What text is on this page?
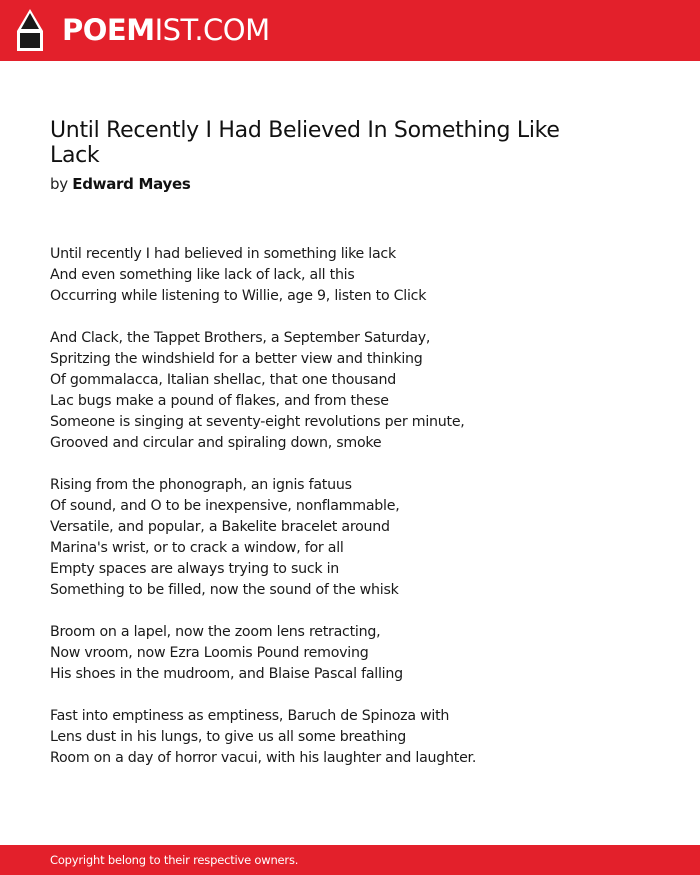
POEMIST.COM
Until Recently I Had Believed In Something Like Lack
by Edward Mayes
Until recently I had believed in something like lack
And even something like lack of lack, all this
Occurring while listening to Willie, age 9, listen to Click
And Clack, the Tappet Brothers, a September Saturday,
Spritzing the windshield for a better view and thinking
Of gommalacca, Italian shellac, that one thousand
Lac bugs make a pound of flakes, and from these
Someone is singing at seventy-eight revolutions per minute,
Grooved and circular and spiraling down, smoke
Rising from the phonograph, an ignis fatuus
Of sound, and O to be inexpensive, nonflammable,
Versatile, and popular, a Bakelite bracelet around
Marina's wrist, or to crack a window, for all
Empty spaces are always trying to suck in
Something to be filled, now the sound of the whisk
Broom on a lapel, now the zoom lens retracting,
Now vroom, now Ezra Loomis Pound removing
His shoes in the mudroom, and Blaise Pascal falling
Fast into emptiness as emptiness, Baruch de Spinoza with
Lens dust in his lungs, to give us all some breathing
Room on a day of horror vacui, with his laughter and laughter.
Copyright belong to their respective owners.
